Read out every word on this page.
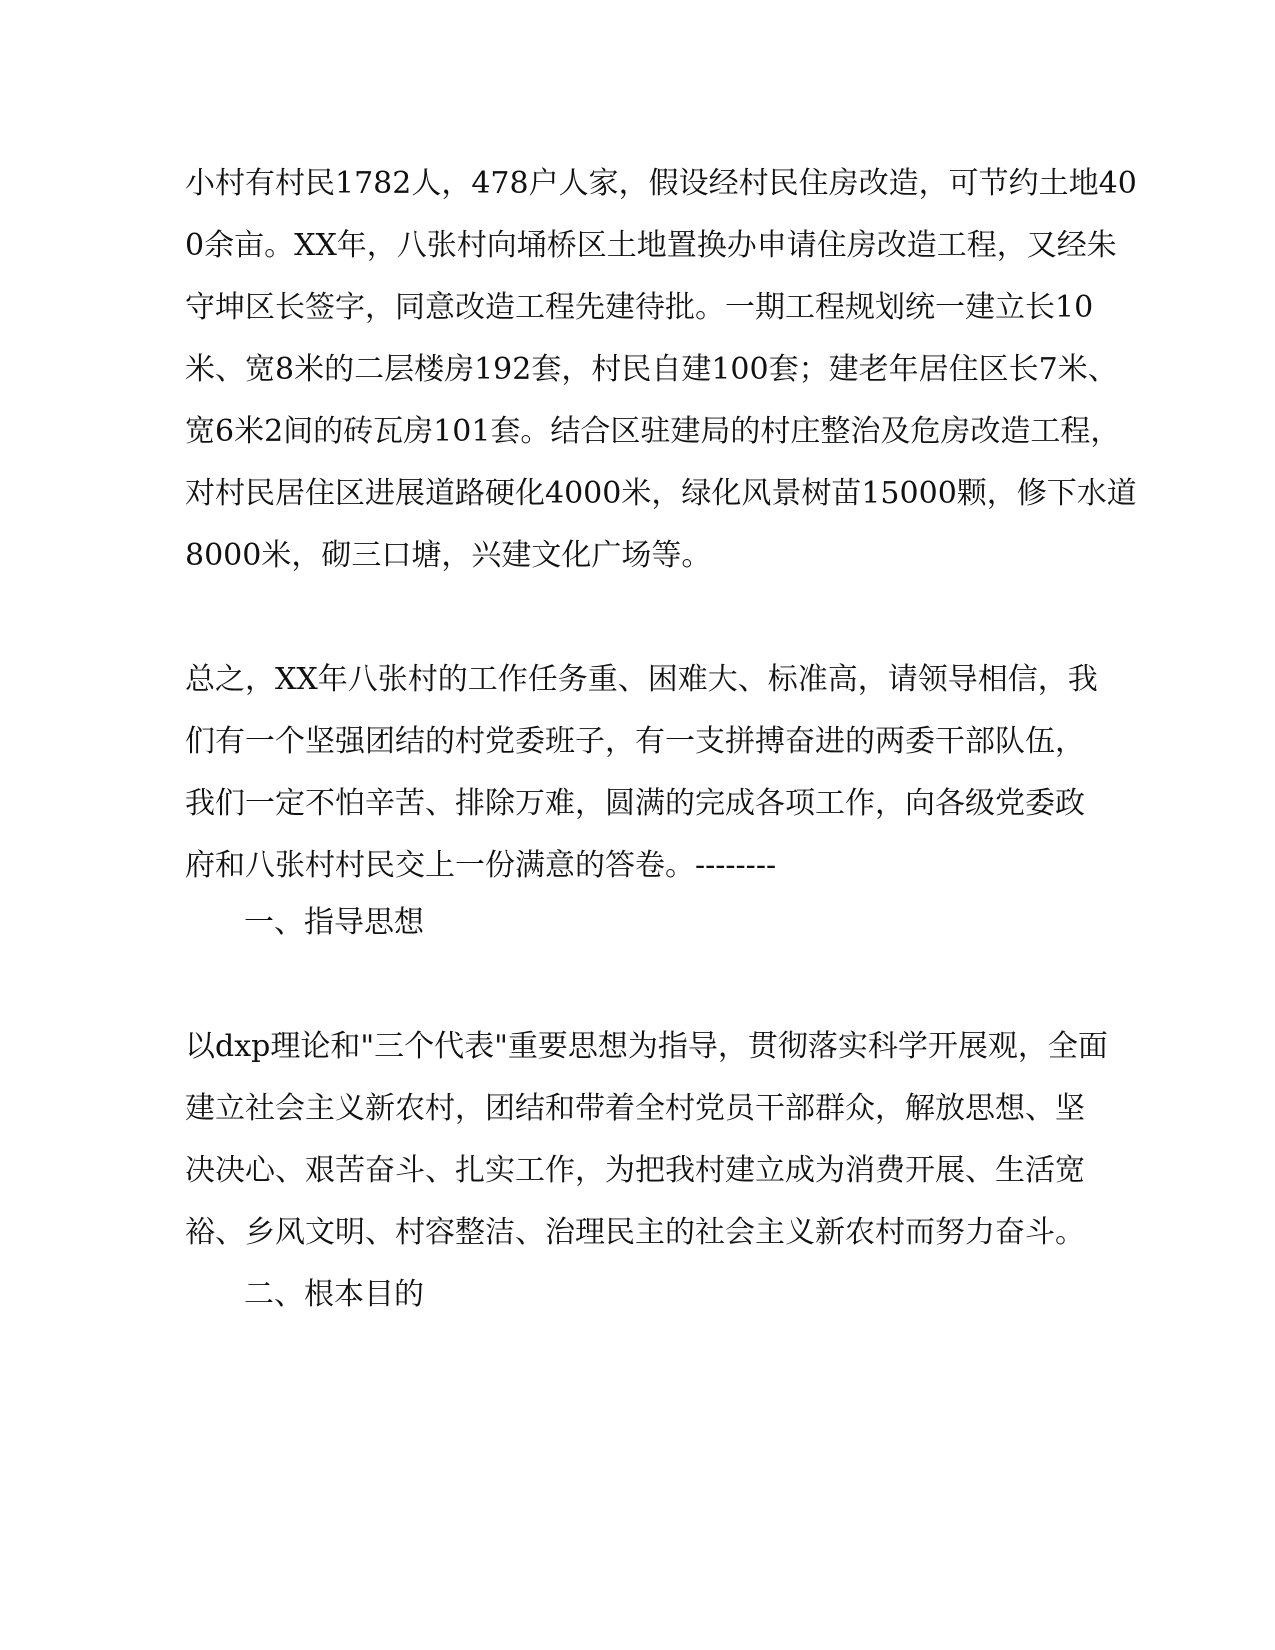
小村有村民1782人，478户人家，假设经村民住房改造，可节约土地40
0余亩。XX年，八张村向埇桥区土地置换办申请住房改造工程，又经朱
守坤区长签字，同意改造工程先建待批。一期工程规划统一建立长10
米、宽8米的二层楼房192套，村民自建100套；建老年居住区长7米、
宽6米2间的砖瓦房101套。结合区驻建局的村庄整治及危房改造工程，
对村民居住区进展道路硬化4000米，绿化风景树苗15000颗，修下水道
8000米，砌三口塘，兴建文化广场等。
总之，XX年八张村的工作任务重、困难大、标准高，请领导相信，我
们有一个坚强团结的村党委班子，有一支拼搏奋进的两委干部队伍，
我们一定不怕辛苦、排除万难，圆满的完成各项工作，向各级党委政
府和八张村村民交上一份满意的答卷。--------
一、指导思想
以dxp理论和"三个代表"重要思想为指导，贯彻落实科学开展观，全面
建立社会主义新农村，团结和带着全村党员干部群众，解放思想、坚
决决心、艰苦奋斗、扎实工作，为把我村建立成为消费开展、生活宽
裕、乡风文明、村容整洁、治理民主的社会主义新农村而努力奋斗。
二、根本目的
